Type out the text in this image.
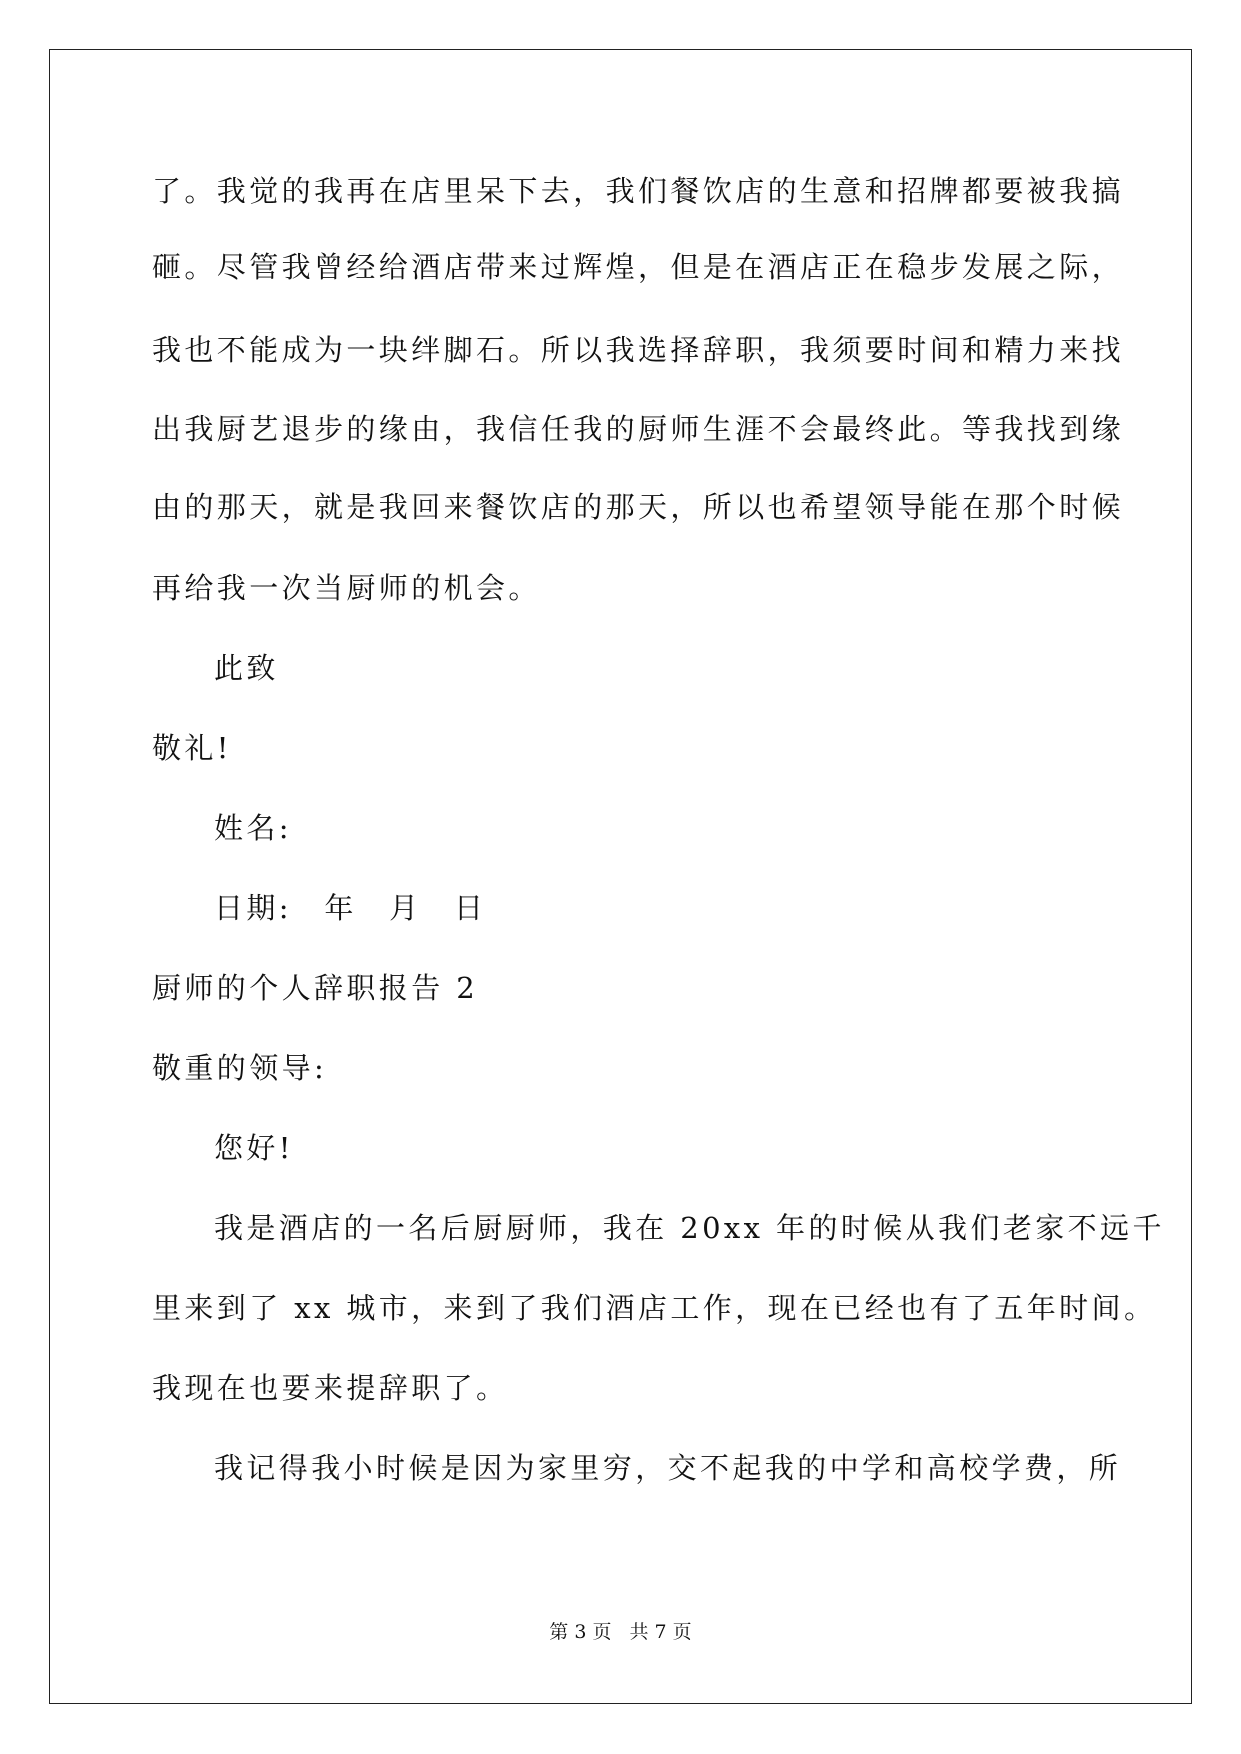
了。我觉的我再在店里呆下去，我们餐饮店的生意和招牌都要被我搞
砸。尽管我曾经给酒店带来过辉煌，但是在酒店正在稳步发展之际，
我也不能成为一块绊脚石。所以我选择辞职，我须要时间和精力来找
出我厨艺退步的缘由，我信任我的厨师生涯不会最终此。等我找到缘
由的那天，就是我回来餐饮店的那天，所以也希望领导能在那个时候
再给我一次当厨师的机会。
此致
敬礼!
姓名:
日期:　年　月　日
厨师的个人辞职报告 2
敬重的领导:
您好!
我是酒店的一名后厨厨师，我在 20xx 年的时候从我们老家不远千
里来到了 xx 城市，来到了我们酒店工作，现在已经也有了五年时间。
我现在也要来提辞职了。
我记得我小时候是因为家里穷，交不起我的中学和高校学费，所
第 3 页 共 7 页
